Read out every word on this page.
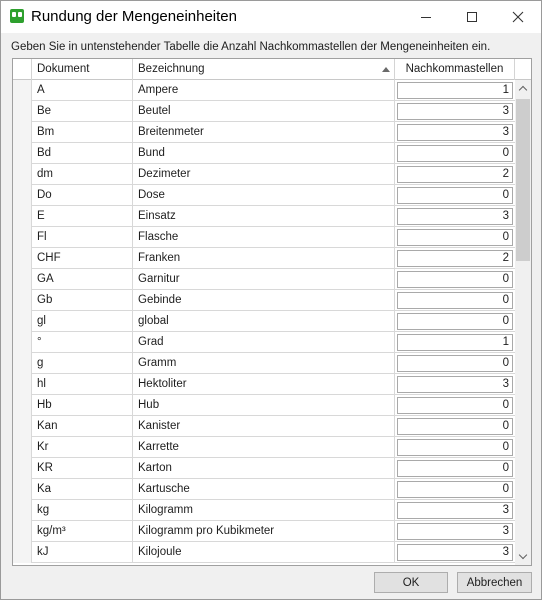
Rundung der Mengeneinheiten
Geben Sie in untenstehender Tabelle die Anzahl Nachkommastellen der Mengeneinheiten ein.
Dokument	Bezeichnung	Nachkommastellen
A	Ampere	1
Be	Beutel	3
Bm	Breitenmeter	3
Bd	Bund	0
dm	Dezimeter	2
Do	Dose	0
E	Einsatz	3
Fl	Flasche	0
CHF	Franken	2
GA	Garnitur	0
Gb	Gebinde	0
gl	global	0
°	Grad	1
g	Gramm	0
hl	Hektoliter	3
Hb	Hub	0
Kan	Kanister	0
Kr	Karrette	0
KR	Karton	0
Ka	Kartusche	0
kg	Kilogramm	3
kg/m³	Kilogramm pro Kubikmeter	3
kJ	Kilojoule	3
OK	Abbrechen
